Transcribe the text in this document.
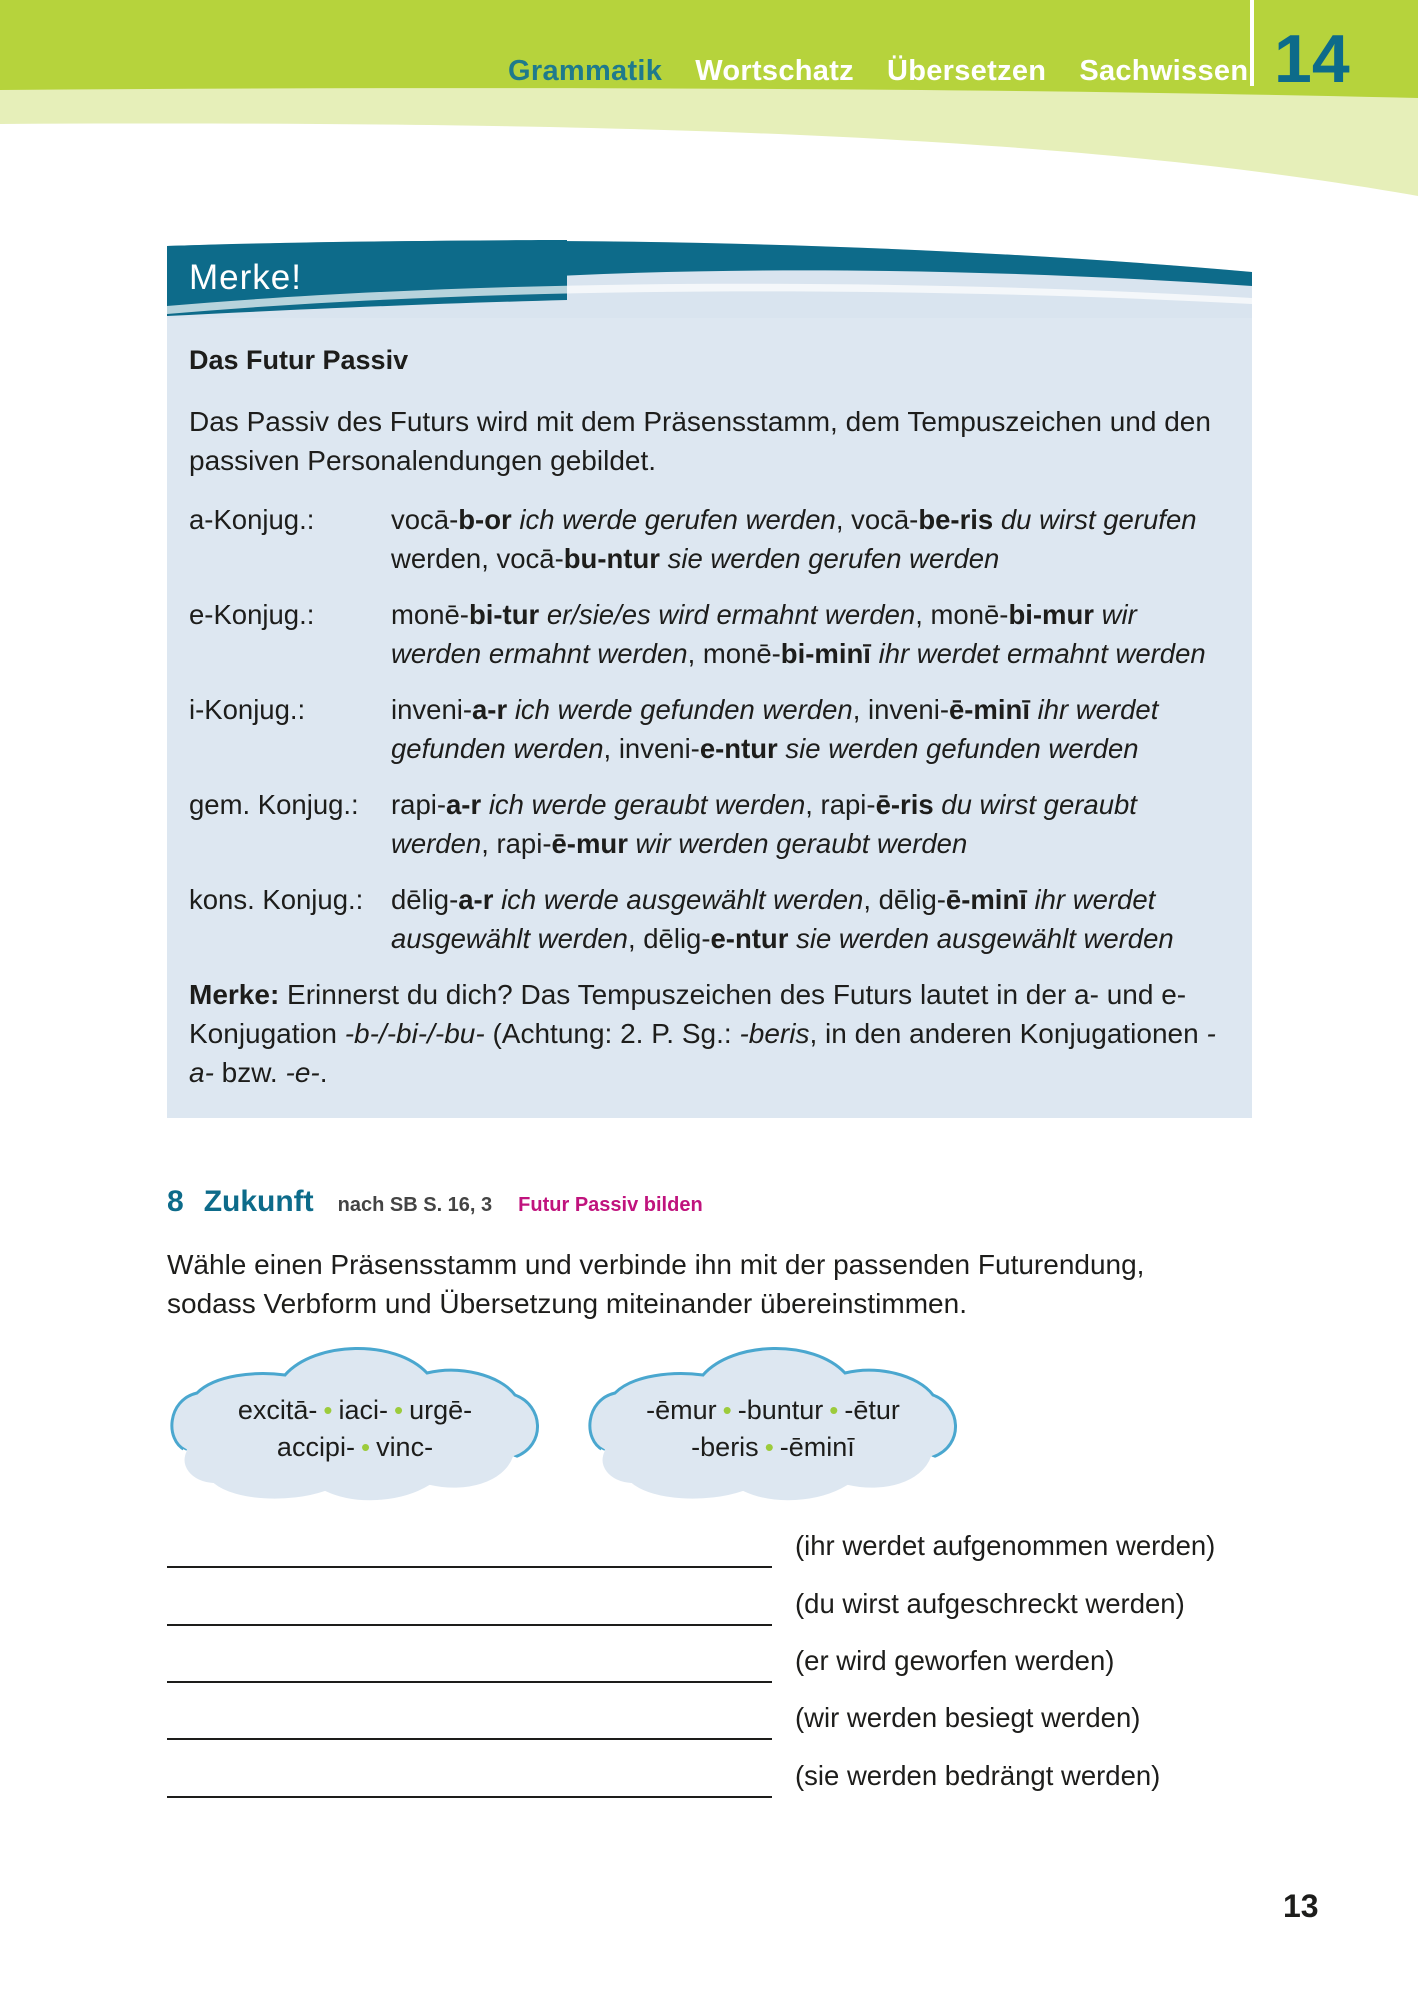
Grammatik Wortschatz Übersetzen Sachwissen 14
Merke!
Das Futur Passiv
Das Passiv des Futurs wird mit dem Präsensstamm, dem Tempuszeichen und den passiven Personalendungen gebildet.
a-Konjug.:	vocā-b-or ich werde gerufen werden, vocā-be-ris du wirst gerufen
werden, vocā-bu-ntur sie werden gerufen werden
e-Konjug.:	monē-bi-tur er/sie/es wird ermahnt werden, monē-bi-mur wir
werden ermahnt werden, monē-bi-minī ihr werdet ermahnt werden
i-Konjug.:	inveni-a-r ich werde gefunden werden, inveni-ē-minī ihr werdet
gefunden werden, inveni-e-ntur sie werden gefunden werden
gem. Konjug.: rapi-a-r ich werde geraubt werden, rapi-ē-ris du wirst geraubt
werden, rapi-ē-mur wir werden geraubt werden
kons. Konjug.: dēlig-a-r ich werde ausgewählt werden, dēlig-ē-minī ihr werdet
ausgewählt werden, dēlig-e-ntur sie werden ausgewählt werden
Merke: Erinnerst du dich? Das Tempuszeichen des Futurs lautet in der a- und e-Konjugation -b-/-bi-/-bu- (Achtung: 2. P. Sg.: -beris, in den anderen Konjugationen -a- bzw. -e-.
8 Zukunft nach SB S. 16, 3 Futur Passiv bilden
Wähle einen Präsensstamm und verbinde ihn mit der passenden Futurendung, sodass Verbform und Übersetzung miteinander übereinstimmen.
excitā- • iaci- • urgē-
accipi- • vinc-
-ēmur • -buntur • -ētur
-beris • -ēminī
(ihr werdet aufgenommen werden)
(du wirst aufgeschreckt werden)
(er wird geworfen werden)
(wir werden besiegt werden)
(sie werden bedrängt werden)
13
